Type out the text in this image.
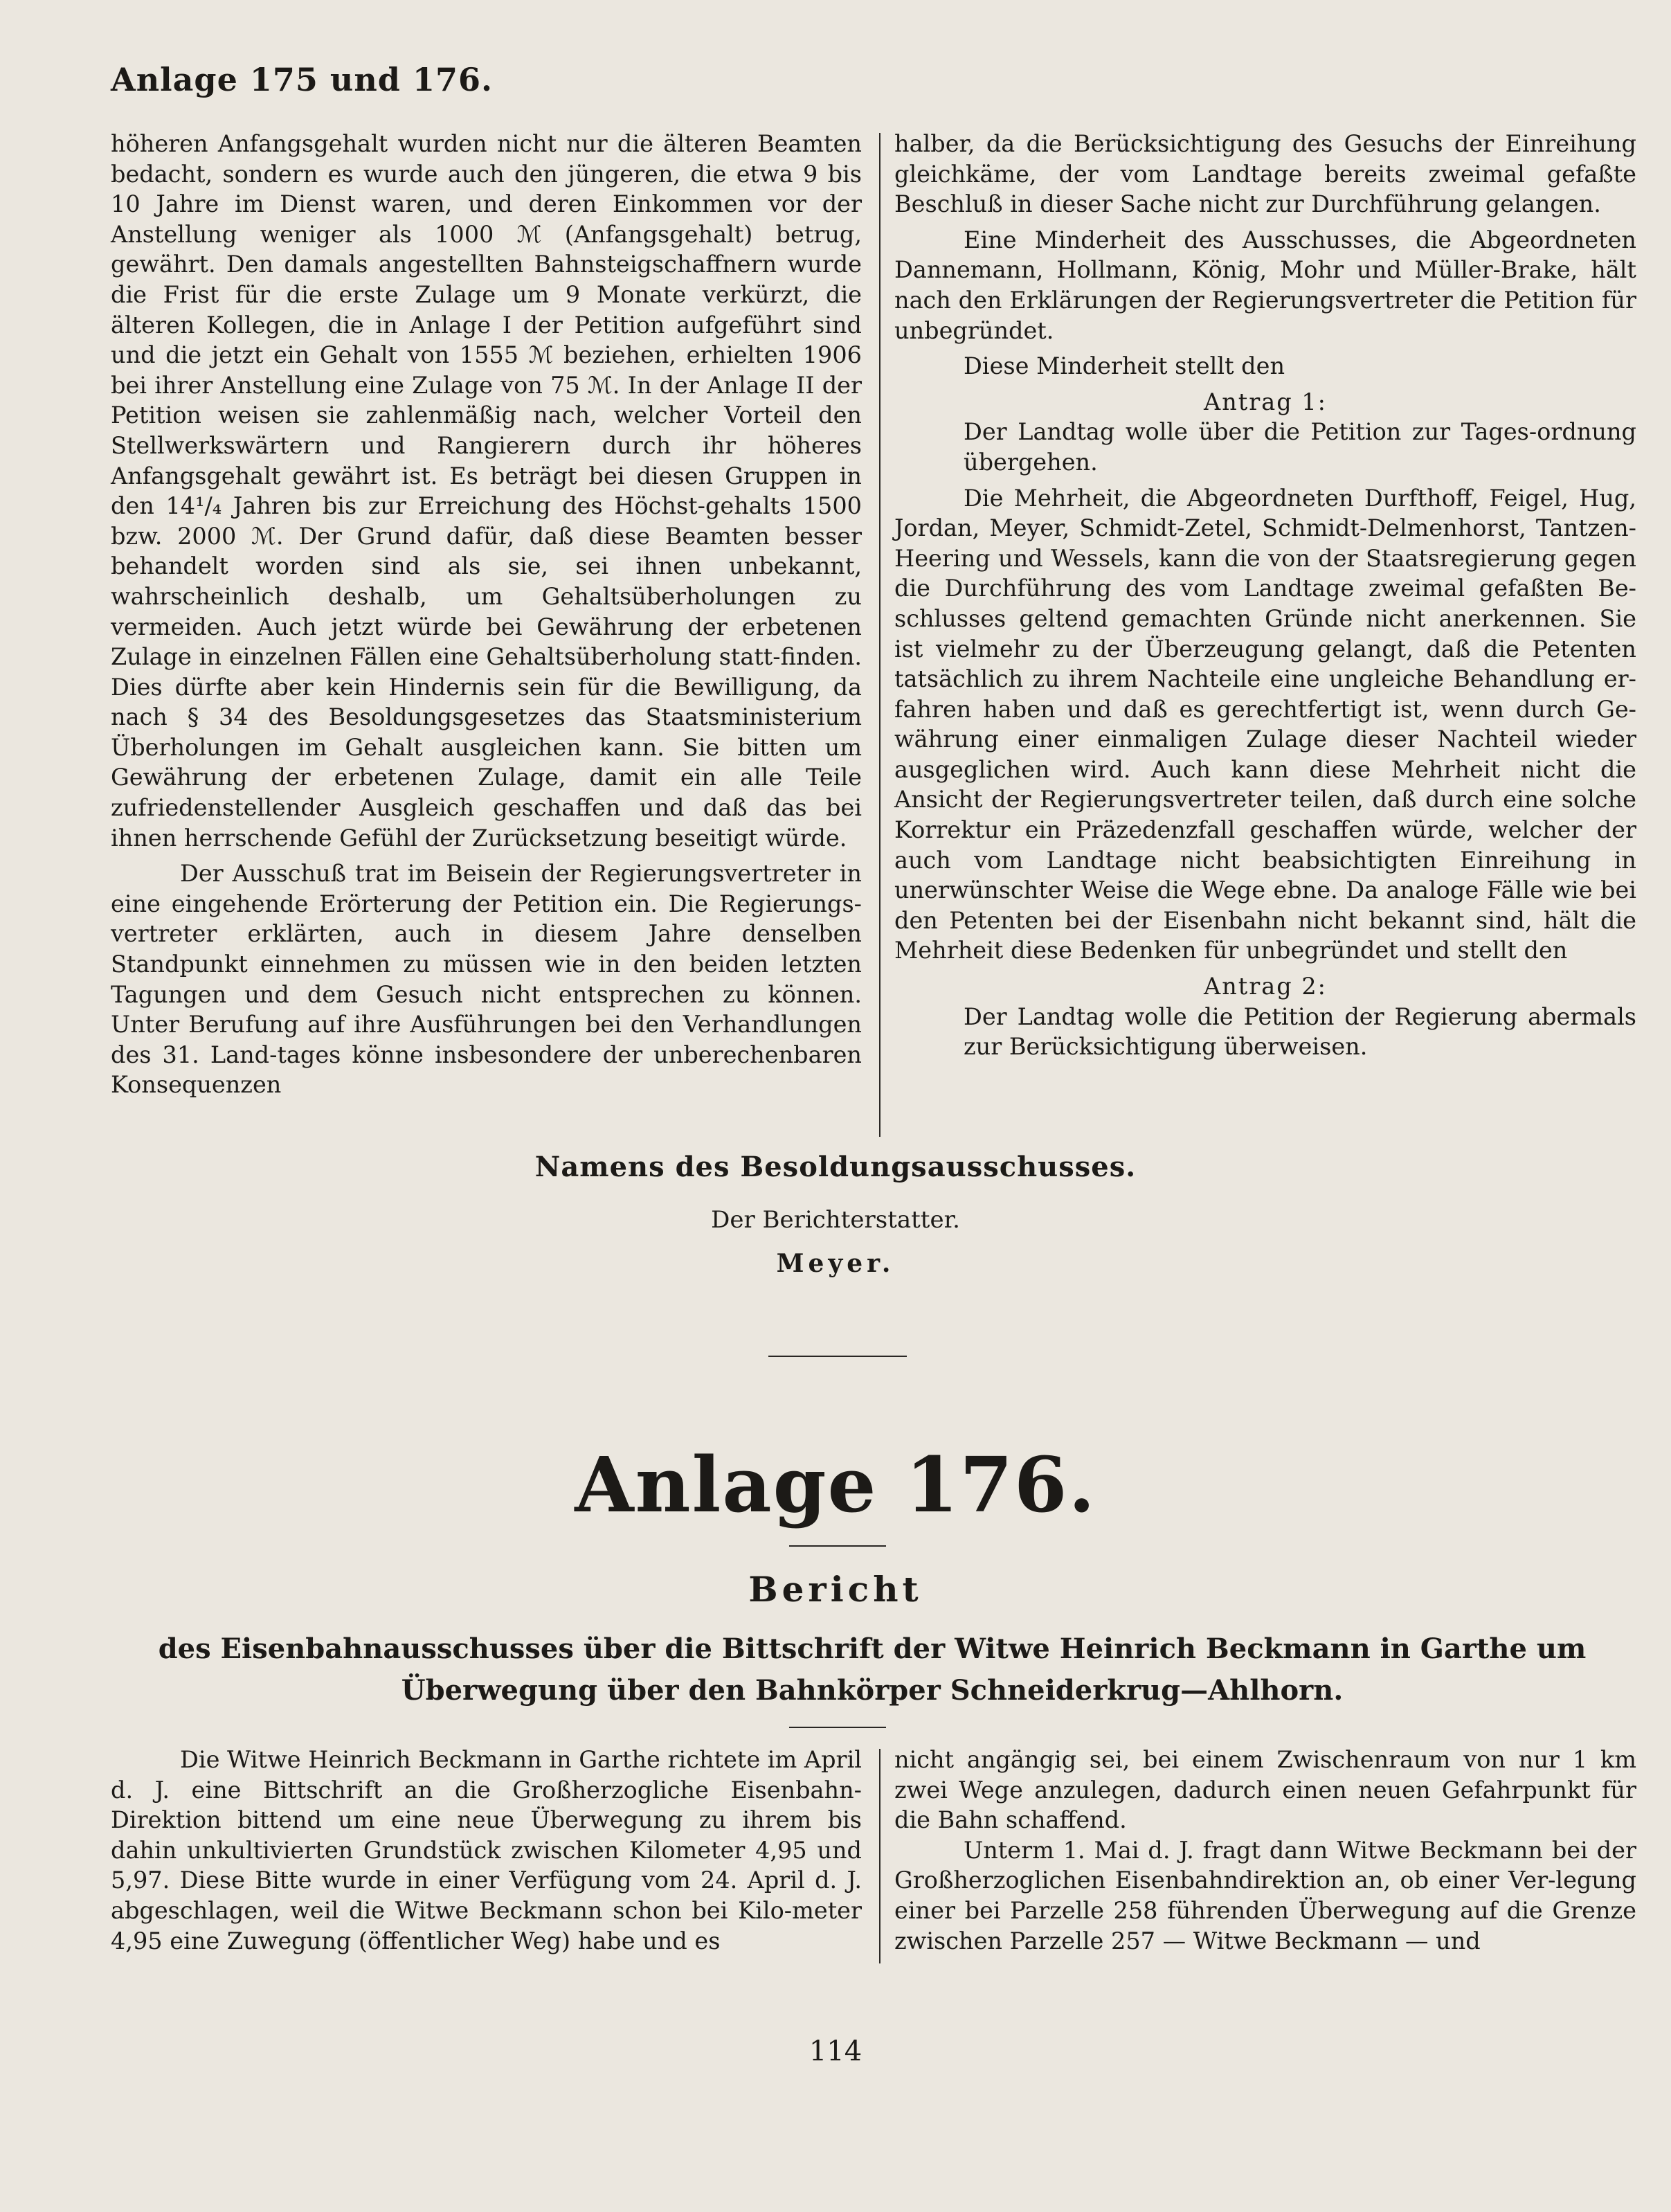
Anlage 175 und 176.

höheren Anfangsgehalt wurden nicht nur die älteren Beamten bedacht, sondern es wurde auch den jüngeren, die etwa 9 bis 10 Jahre im Dienst waren, und deren Einkommen vor der Anstellung weniger als 1000 ℳ (Anfangsgehalt) betrug, gewährt. Den damals angestellten Bahnsteigschaffnern wurde die Frist für die erste Zulage um 9 Monate verkürzt, die älteren Kollegen, die in Anlage I der Petition aufgeführt sind und die jetzt ein Gehalt von 1555 ℳ beziehen, erhielten 1906 bei ihrer Anstellung eine Zulage von 75 ℳ. In der Anlage II der Petition weisen sie zahlenmäßig nach, welcher Vorteil den Stellwerkswärtern und Rangierern durch ihr höheres Anfangsgehalt gewährt ist. Es beträgt bei diesen Gruppen in den 14¹/₄ Jahren bis zur Erreichung des Höchst-gehalts 1500 bzw. 2000 ℳ. Der Grund dafür, daß diese Beamten besser behandelt worden sind als sie, sei ihnen unbekannt, wahrscheinlich deshalb, um Gehaltsüberholungen zu vermeiden. Auch jetzt würde bei Gewährung der erbetenen Zulage in einzelnen Fällen eine Gehaltsüberholung statt-finden. Dies dürfte aber kein Hindernis sein für die Bewilligung, da nach § 34 des Besoldungsgesetzes das Staatsministerium Überholungen im Gehalt ausgleichen kann. Sie bitten um Gewährung der erbetenen Zulage, damit ein alle Teile zufriedenstellender Ausgleich geschaffen und daß das bei ihnen herrschende Gefühl der Zurücksetzung beseitigt würde.

Der Ausschuß trat im Beisein der Regierungsvertreter in eine eingehende Erörterung der Petition ein. Die Regierungs-vertreter erklärten, auch in diesem Jahre denselben Standpunkt einnehmen zu müssen wie in den beiden letzten Tagungen und dem Gesuch nicht entsprechen zu können. Unter Berufung auf ihre Ausführungen bei den Verhandlungen des 31. Land-tages könne insbesondere der unberechenbaren Konsequenzen

halber, da die Berücksichtigung des Gesuchs der Einreihung gleichkäme, der vom Landtage bereits zweimal gefaßte Beschluß in dieser Sache nicht zur Durchführung gelangen.

Eine Minderheit des Ausschusses, die Abgeordneten Dannemann, Hollmann, König, Mohr und Müller-Brake, hält nach den Erklärungen der Regierungsvertreter die Petition für unbegründet.

Diese Minderheit stellt den

Antrag 1:

Der Landtag wolle über die Petition zur Tages-ordnung übergehen.

Die Mehrheit, die Abgeordneten Durfthoff, Feigel, Hug, Jordan, Meyer, Schmidt-Zetel, Schmidt-Delmenhorst, Tantzen-Heering und Wessels, kann die von der Staatsregierung gegen die Durchführung des vom Landtage zweimal gefaßten Be-schlusses geltend gemachten Gründe nicht anerkennen. Sie ist vielmehr zu der Überzeugung gelangt, daß die Petenten tatsächlich zu ihrem Nachteile eine ungleiche Behandlung er-fahren haben und daß es gerechtfertigt ist, wenn durch Ge-währung einer einmaligen Zulage dieser Nachteil wieder ausgeglichen wird. Auch kann diese Mehrheit nicht die Ansicht der Regierungsvertreter teilen, daß durch eine solche Korrektur ein Präzedenzfall geschaffen würde, welcher der auch vom Landtage nicht beabsichtigten Einreihung in unerwünschter Weise die Wege ebne. Da analoge Fälle wie bei den Petenten bei der Eisenbahn nicht bekannt sind, hält die Mehrheit diese Bedenken für unbegründet und stellt den

Antrag 2:

Der Landtag wolle die Petition der Regierung abermals zur Berücksichtigung überweisen.

Namens des Besoldungsausschusses.
Der Berichterstatter.
Meyer.
Anlage 176.
Bericht
des Eisenbahnausschusses über die Bittschrift der Witwe Heinrich Beckmann in Garthe um Überwegung über den Bahnkörper Schneiderkrug—Ahlhorn.

Die Witwe Heinrich Beckmann in Garthe richtete im April d. J. eine Bittschrift an die Großherzogliche Eisenbahn-Direktion bittend um eine neue Überwegung zu ihrem bis dahin unkultivierten Grundstück zwischen Kilometer 4,95 und 5,97. Diese Bitte wurde in einer Verfügung vom 24. April d. J. abgeschlagen, weil die Witwe Beckmann schon bei Kilo-meter 4,95 eine Zuwegung (öffentlicher Weg) habe und es

nicht angängig sei, bei einem Zwischenraum von nur 1 km zwei Wege anzulegen, dadurch einen neuen Gefahrpunkt für die Bahn schaffend.

Unterm 1. Mai d. J. fragt dann Witwe Beckmann bei der Großherzoglichen Eisenbahndirektion an, ob einer Ver-legung einer bei Parzelle 258 führenden Überwegung auf die Grenze zwischen Parzelle 257 — Witwe Beckmann — und

114
